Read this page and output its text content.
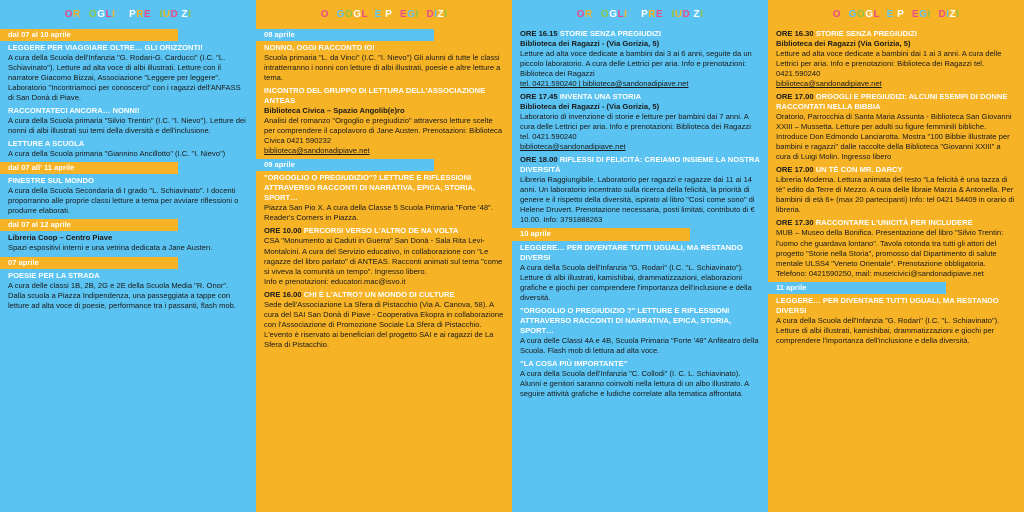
ORGOGLI E PREGIUDIZI
dal 07 al 10 aprile
LEGGERE PER VIAGGIARE OLTRE… GLI ORIZZONTI!

A cura della Scuola dell'Infanzia "G. Rodari-G. Carducci" (I.C. "L. Schiavinato"). Letture ad alta voce di albi illustrati. Letture con il narratore Giacomo Bizzai, Associazione "Leggere per leggere". Laboratorio "Incontriamoci per conoscerci" con i ragazzi dell'ANFASS di San Donà di Piave.

RACCONTATECI ANCORA… NONNI!

A cura della Scuola primaria "Silvio Trentin" (I.C. "I. Nievo"). Letture dei nonni di albi illustrati sui temi della diversità e dell'inclusione.

LETTURE A SCUOLA

A cura della Scuola primaria "Giannino Ancillotto" (I.C. "I. Nievo")

dal 07 all' 11 aprile
FINESTRE SUL MONDO

A cura della Scuola Secondaria di I grado "L. Schiavinato". I docenti proporranno alle proprie classi letture a tema per avviare riflessioni o produrre elaborati.

dal 07 al 12 aprile

Libreria Coop – Centro Piave

Spazi espositivi interni e una vetrina dedicata a Jane Austen.

07 aprile
POESIE PER LA STRADA

A cura delle classi 1B, 2B, 2G e 2E della Scuola Media "R. Onor".

Dalla scuola a Piazza Indipendenza, una passeggiata a tappe con letture ad alta voce di poesie, performance tra i passanti, flash mob.

ORGOGLI E PREGIUDIZI
08 aprile
NONNO, OGGI RACCONTO IO!

Scuola primaria "L. da Vinci" (I.C. "I. Nievo") Gli alunni di tutte le classi intratterranno i nonni con letture di albi illustrati, poesie e altre letture a tema.

INCONTRO DEL GRUPPO DI LETTURA DELL'ASSOCIAZIONE ANTEAS

Biblioteca Civica – Spazio Angolib(e)ro

Analisi del romanzo "Orgoglio e pregiudizio" attraverso letture scelte per comprendere il capolavoro di Jane Austen. Prenotazioni: Biblioteca Civica 0421 590232

biblioteca@sandonadipiave.net

09 aprile
"ORGOGLIO O PREGIUDIZIO"? LETTURE E RIFLESSIONI ATTRAVERSO RACCONTI DI NARRATIVA, EPICA, STORIA, SPORT…

Piazza San Pio X. A cura della Classe 5 Scuola Primaria "Forte '48". Reader's Corners in Piazza.

ORE 10.00 PERCORSI VERSO L'ALTRO DE NA VOLTA

CSA "Monumento ai Caduti in Guerra" San Donà - Sala Rita Levi-Montalcini. A cura del Servizio educativo, in collaborazione con "Le ragazze del libro parlato" di ANTEAS. Racconti animati sul tema "come si viveva la comunità un tempo". Ingresso libero.

Info e prenotazioni: educatori.mac@isvo.it

ORE 16.00 CHI È L'ALTRO? UN MONDO DI CULTURE

Sede dell'Associazione La Sfera di Pistacchio (Via A. Canova, 58). A cura del SAI San Donà di Piave - Cooperativa Ekopra in collaborazione con l'Associazione di Promozione Sociale La Sfera di Pistacchio. L'evento è riservato ai beneficiari del progetto SAI e ai ragazzi de La Sfera di Pistacchio.

ORGOGLI E PREGIUDIZI
ORE 16.15 STORIE SENZA PREGIUDIZI

Biblioteca dei Ragazzi - (Via Gorizia, 5)

Letture ad alta voce dedicate a bambini dai 3 ai 6 anni, seguite da un piccolo laboratorio. A cura delle Lettrici per aria. Info e prenotazioni: Biblioteca dei Ragazzi

tel. 0421.590240 | biblioteca@sandonadipiave.net

ORE 17.45 INVENTA UNA STORIA

Biblioteca dei Ragazzi - (Via Gorizia, 5)

Laboratorio di invenzione di storie e letture per bambini dai 7 anni. A cura delle Lettrici per aria. Info e prenotazioni: Biblioteca dei Ragazzi tel. 0421.590240

biblioteca@sandonadipiave.net

ORE 18.00 RIFLESSI DI FELICITÀ: CREIAMO INSIEME LA NOSTRA DIVERSITÀ

Libreria Raggiungibile. Laboratorio per ragazzi e ragazze dai 11 ai 14 anni. Un laboratorio incentrato sulla ricerca della felicità, la priorità di genere e il rispetto della diversità, ispirato al libro "Così come sono" di Helene Druvert. Prenotazione necessaria, posti limitati, contributo di € 10.00. Info: 3791888263

10 aprile
LEGGERE… PER DIVENTARE TUTTI UGUALI, MA RESTANDO DIVERSI

A cura della Scuola dell'Infanzia "G. Rodari" (I.C. "L. Schiavinato"). Letture di albi illustrati, kamishibai, drammatizzazioni, elaborazioni grafiche e giochi per comprendere l'importanza dell'inclusione e della diversità.

"ORGOGLIO O PREGIUDIZIO ?" LETTURE E RIFLESSIONI ATTRAVERSO RACCONTI DI NARRATIVA, EPICA, STORIA, SPORT…

A cura delle Classi 4A e 4B, Scuola Primaria "Forte '48" Anfiteatro della Scuola. Flash mob di lettura ad alta voce.

"LA COSA PIÙ IMPORTANTE"

A cura della Scuola dell'Infanzia "C. Collodi" (I. C. L. Schiavinato). Alunni e genitori saranno coinvolti nella lettura di un albo illustrato. A seguire attività grafiche e ludiche correlate alla tematica affrontata.

ORGOGLI E PREGIUDIZI
ORE 16.30 STORIE SENZA PREGIUDIZI

Biblioteca dei Ragazzi (Via Gorizia, 5)

Letture ad alta voce dedicate a bambini dai 1 ai 3 anni. A cura delle Lettrici per aria. Info e prenotazioni: Biblioteca dei Ragazzi tel. 0421.590240

biblioteca@sandonadipiave.net

ORE 17.00 ORGOGLI E PREGIUDIZI: ALCUNI ESEMPI DI DONNE RACCONTATI NELLA BIBBIA

Oratorio, Parrocchia di Santa Maria Assunta - Biblioteca San Giovanni XXIII – Mussetta. Letture per adulti su figure femminili bibliche. Introduce Don Edmondo Lanciarotta. Mostra "100 Bibbie illustrate per bambini e ragazzi" dalle raccolte della Biblioteca "Giovanni XXIII" a cura di Luigi Molin. Ingresso libero

ORE 17.00 UN TÈ CON MR. DARCY

Libreria Moderna. Lettura animata del testo "La felicità è una tazza di tè" edito da Terre di Mezzo. A cura delle libraie Marzia & Antonella. Per bambini di età 6+ (max 20 partecipanti) Info: tel 0421 54409 in orario di libreria.

ORE 17.30 RACCONTARE L'UNICITÀ PER INCLUDERE

MUB – Museo della Bonifica. Presentazione del libro "Silvio Trentin: l'uomo che guardava lontano". Tavola rotonda tra tutti gli attori del progetto "Storie nella Storia", promosso dal Dipartimento di salute mentale ULSS4 "Veneto Orientale". Prenotazione obbligatoria. Telefono: 0421590250, mail: museicivici@sandonadipiave.net

11 aprile
LEGGERE… PER DIVENTARE TUTTI UGUALI, MA RESTANDO DIVERSI

A cura della Scuola dell'Infanzia "G. Rodari" (I.C. "L. Schiavinato"). Letture di albi illustrati, kamishibai, drammatizzazioni e giochi per comprendere l'importanza dell'inclusione e della diversità.
